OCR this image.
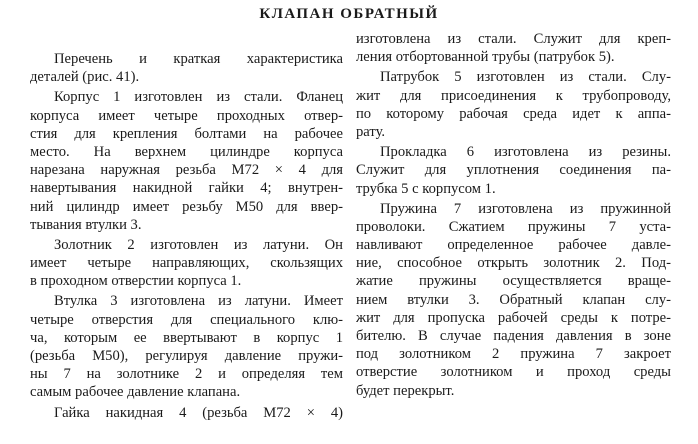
КЛАПАН ОБРАТНЫЙ
Перечень и краткая характеристика
деталей (рис. 41).
Корпус 1 изготовлен из стали. Фланец
корпуса имеет четыре проходных отвер-
стия для крепления болтами на рабочее
место. На верхнем цилиндре корпуса
нарезана наружная резьба М72 × 4 для
навертывания накидной гайки 4; внутрен-
ний цилиндр имеет резьбу М50 для ввер-
тывания втулки 3.
Золотник 2 изготовлен из латуни. Он
имеет четыре направляющих, скользящих
в проходном отверстии корпуса 1.
Втулка 3 изготовлена из латуни. Имеет
четыре отверстия для специального клю-
ча, которым ее ввертывают в корпус 1
(резьба М50), регулируя давление пружи-
ны 7 на золотнике 2 и определяя тем
самым рабочее давление клапана.
Гайка накидная 4 (резьба М72 × 4)
изготовлена из стали. Служит для креп-
ления отбортованной трубы (патрубок 5).
Патрубок 5 изготовлен из стали. Слу-
жит для присоединения к трубопроводу,
по которому рабочая среда идет к аппа-
рату.
Прокладка 6 изготовлена из резины.
Служит для уплотнения соединения па-
трубка 5 с корпусом 1.
Пружина 7 изготовлена из пружинной
проволоки. Сжатием пружины 7 уста-
навливают определенное рабочее давле-
ние, способное открыть золотник 2. Под-
жатие пружины осуществляется враще-
нием втулки 3. Обратный клапан слу-
жит для пропуска рабочей среды к потре-
бителю. В случае падения давления в зоне
под золотником 2 пружина 7 закроет
отверстие золотником и проход среды
будет перекрыт.
